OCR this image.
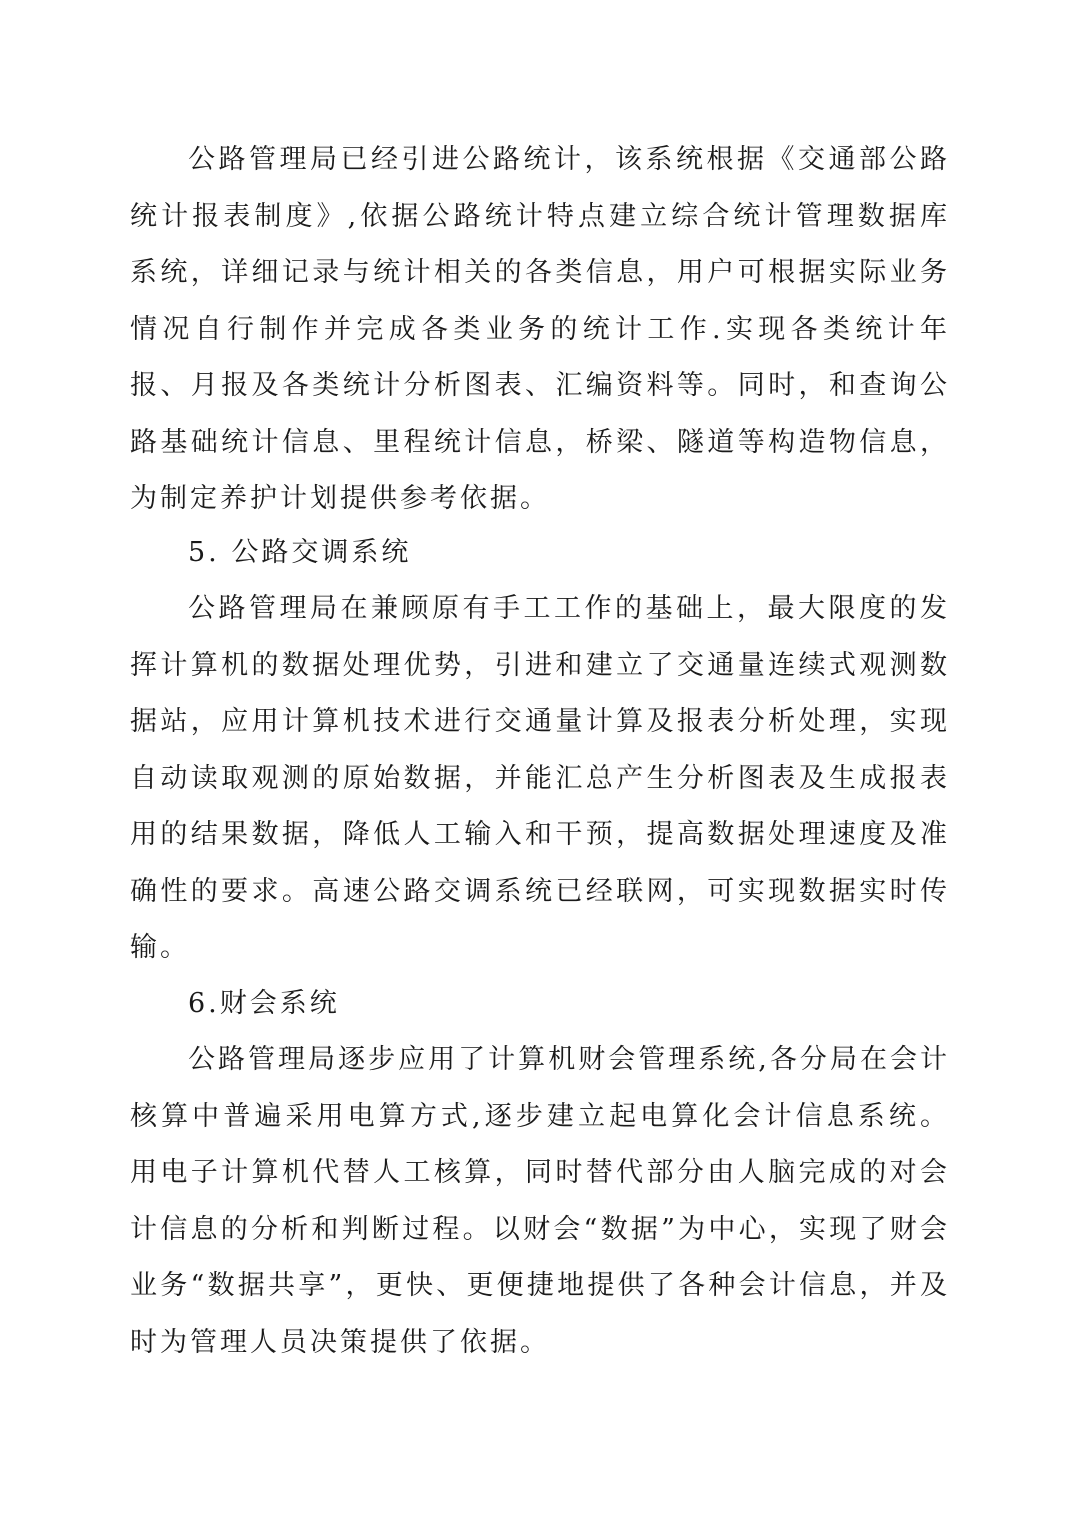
公路管理局已经引进公路统计，该系统根据《交通部公路统计报表制度》,依据公路统计特点建立综合统计管理数据库系统，详细记录与统计相关的各类信息，用户可根据实际业务情况自行制作并完成各类业务的统计工作.实现各类统计年报、月报及各类统计分析图表、汇编资料等。同时，和查询公路基础统计信息、里程统计信息，桥梁、隧道等构造物信息，为制定养护计划提供参考依据。

5. 公路交调系统

公路管理局在兼顾原有手工工作的基础上，最大限度的发挥计算机的数据处理优势，引进和建立了交通量连续式观测数据站，应用计算机技术进行交通量计算及报表分析处理，实现自动读取观测的原始数据，并能汇总产生分析图表及生成报表用的结果数据，降低人工输入和干预，提高数据处理速度及准确性的要求。高速公路交调系统已经联网，可实现数据实时传输。

6.财会系统

公路管理局逐步应用了计算机财会管理系统,各分局在会计核算中普遍采用电算方式,逐步建立起电算化会计信息系统。用电子计算机代替人工核算，同时替代部分由人脑完成的对会计信息的分析和判断过程。以财会“数据”为中心，实现了财会业务“数据共享”，更快、更便捷地提供了各种会计信息，并及时为管理人员决策提供了依据。
